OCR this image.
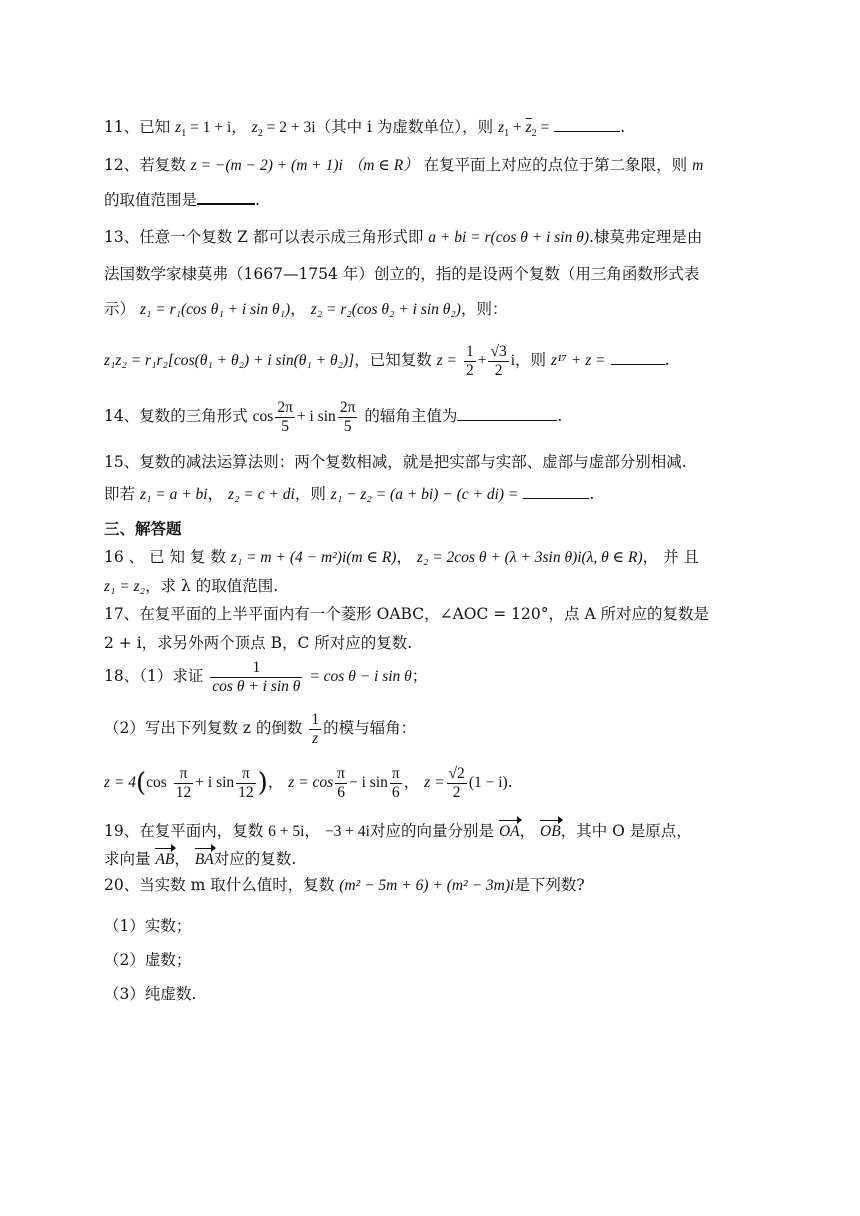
11、已知 $z_1 = 1 + i$， $z_2 = 2 + 3i$（其中 i 为虚数单位），则 $z_1 + \overline{z}_2$ =	.
12、若复数 z = −(m − 2) + (m + 1)i （m ∈ R） 在复平面上对应的点位于第二象限，则 m
的取值范围是	.
13、任意一个复数 Z 都可以表示成三角形式即 a + bi = r(cos θ + i sin θ).棣莫弗定理是由
法国数学家棣莫弗（1667—1754 年）创立的，指的是设两个复数（用三角函数形式表
示） z₁ = r₁(cos θ₁ + i sin θ₁)， z₂ = r₂(cos θ₂ + i sin θ₂)，则：
z₁z₂ = r₁r₂[cos(θ₁ + θ₂) + i sin(θ₁ + θ₂)]，已知复数 $z = \frac{1}{2} + \frac{√3}{2}$ i，则 z¹⁷ + z =	.
14、复数的三角形式 $\cos \frac{2\pi}{5} + i$ $\sin \frac{2\pi}{5}$ 的辐角主值为	.
15、复数的减法运算法则：两个复数相减，就是把实部与实部、虚部与虚部分别相减.
即若 z₁ = a + bi， z₂ = c + di，则 z₁ − z₂ = (a + bi) − (c + di) =	.
三、解答题
16 、 已 知 复 数 z₁ = m + (4 − m²)i(m ∈ R)， z₂ = 2cos θ + (λ + 3sin θ)i(λ, θ ∈ R)， 并 且
z₁ = z₂，求 λ 的取值范围.
17、在复平面的上半平面内有一个菱形 OABC，∠AOC = 120°，点 A 所对应的复数是
2 + i，求另外两个顶点 B，C 所对应的复数.
18、（1）求证 $\frac{1}{\text{cos θ + i sin θ}} = \cos \theta - i$ sin θ；
（2）写出下列复数 z 的倒数 $\frac{1}{z}$ 的模与辐角：
$z = 4(\cos \frac{\pi}{12} + i$ $\sin \frac{\pi}{12}$ )， $z = \cos \frac{\pi}{6} - i$ $\sin \frac{\pi}{6}$ ， $z = \frac{√2}{2} (1 - i)$.
19、在复平面内，复数 6 + 5i， −3 + 4i对应的向量分别是 OA， OB，其中 O 是原点，
求向量 AB， BA对应的复数.
20、当实数 m 取什么值时，复数 (m² − 5m + 6) + (m² − 3m)i是下列数?
（1）实数；
（2）虚数；
（3）纯虚数.
